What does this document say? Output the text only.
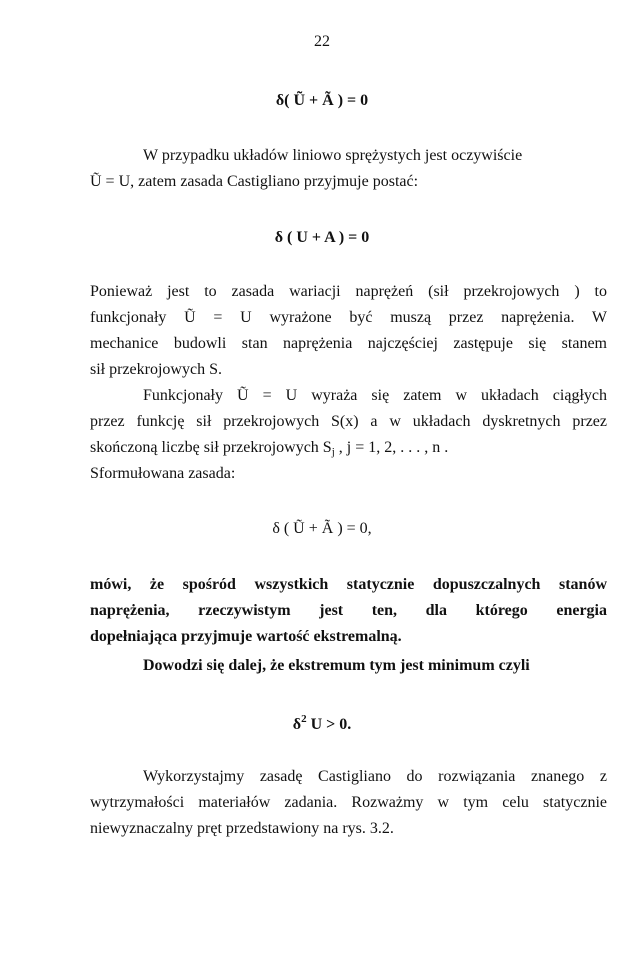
22
δ( Ũ + Ã ) = 0
W przypadku układów liniowo sprężystych jest oczywiście
Ũ = U, zatem zasada Castigliano przyjmuje postać:
δ ( U + A ) = 0
Ponieważ jest to zasada wariacji naprężeń (sił przekrojowych ) to
funkcjonały Ũ = U wyrażone być muszą przez naprężenia. W
mechanice budowli stan naprężenia najczęściej zastępuje się stanem
sił przekrojowych S.
Funkcjonały Ũ = U wyraża się zatem w układach ciągłych
przez funkcję sił przekrojowych S(x) a w układach dyskretnych przez
skończoną liczbę sił przekrojowych $S_j$ , j = 1, 2, . . . , n .
Sformułowana zasada:
δ ( Ũ + Ã ) = 0,
mówi, że spośród wszystkich statycznie dopuszczalnych stanów
naprężenia, rzeczywistym jest ten, dla którego energia
dopełniająca przyjmuje wartość ekstremalną.
Dowodzi się dalej, że ekstremum tym jest minimum czyli
$\delta^2$ U > 0.
Wykorzystajmy zasadę Castigliano do rozwiązania znanego z
wytrzymałości materiałów zadania. Rozważmy w tym celu statycznie
niewyznaczalny pręt przedstawiony na rys. 3.2.
